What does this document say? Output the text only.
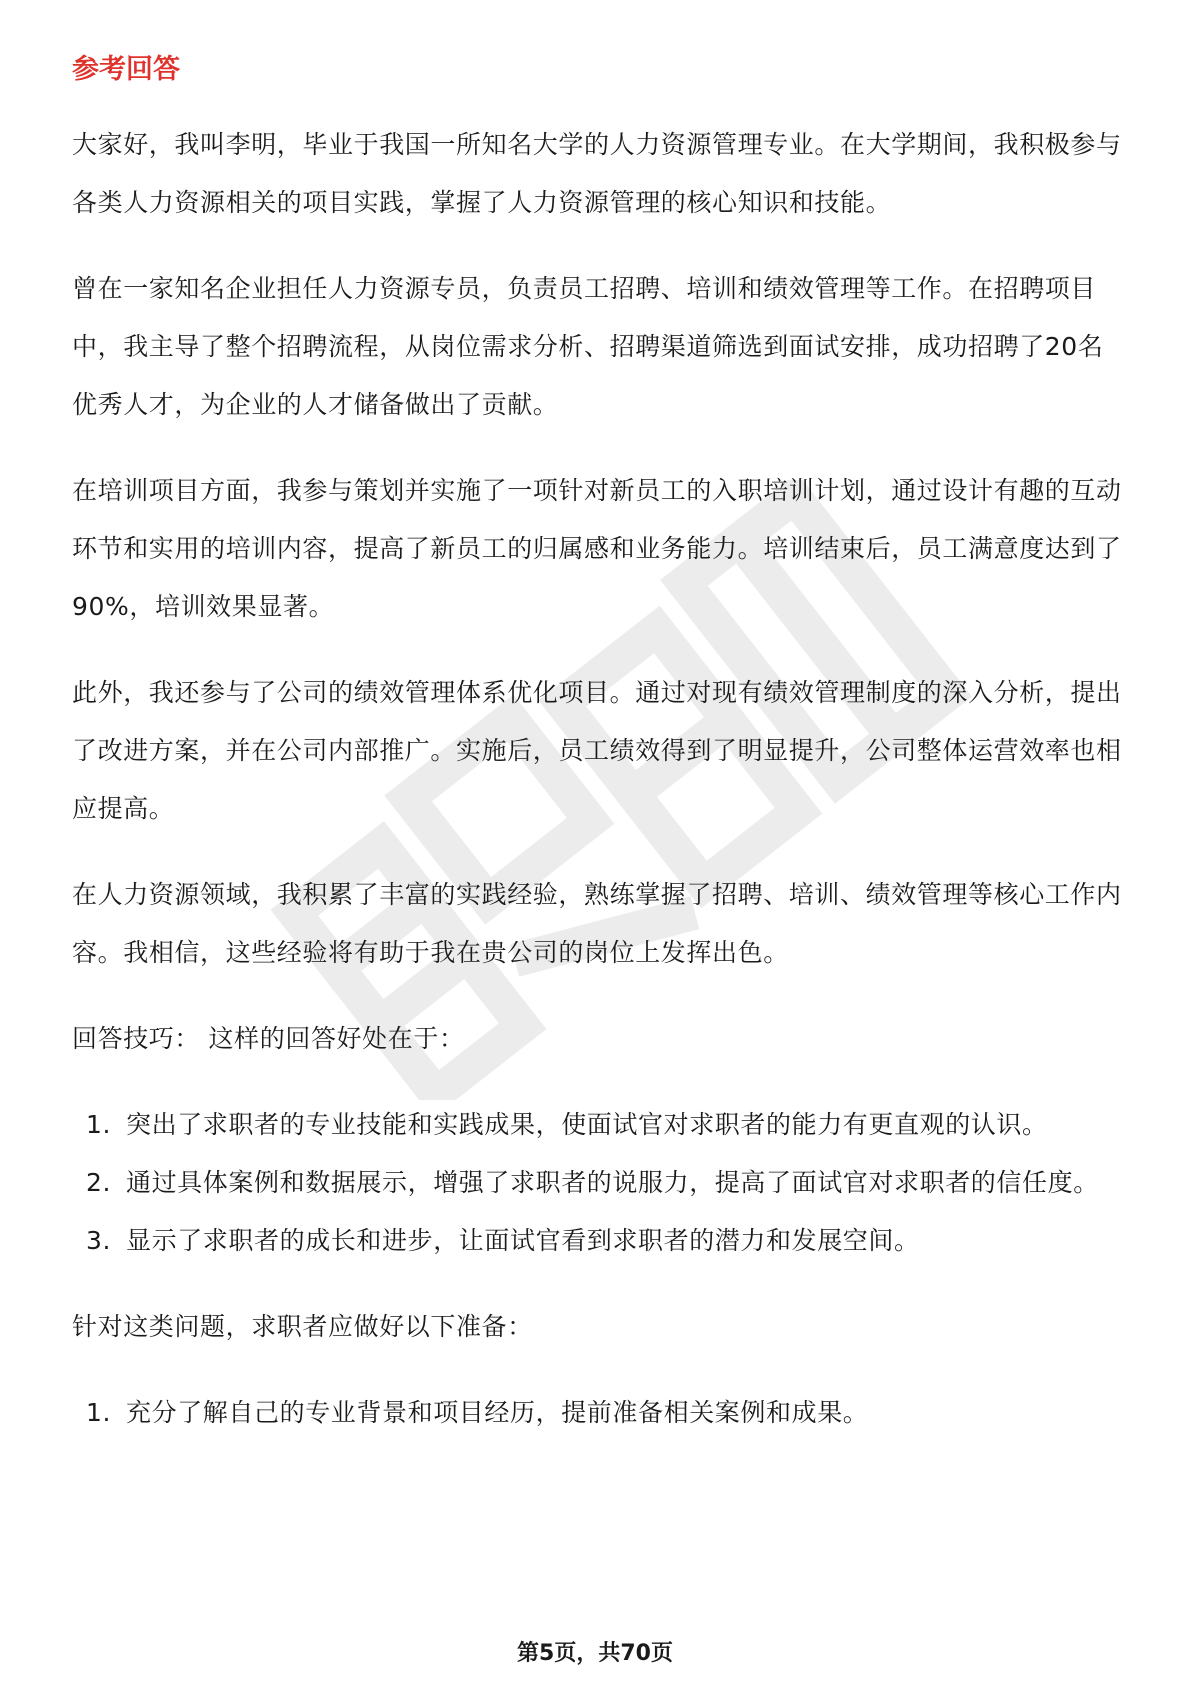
参考回答

大家好，我叫李明，毕业于我国一所知名大学的人力资源管理专业。在大学期间，我积极参与各类人力资源相关的项目实践，掌握了人力资源管理的核心知识和技能。

曾在一家知名企业担任人力资源专员，负责员工招聘、培训和绩效管理等工作。在招聘项目中，我主导了整个招聘流程，从岗位需求分析、招聘渠道筛选到面试安排，成功招聘了20名优秀人才，为企业的人才储备做出了贡献。

在培训项目方面，我参与策划并实施了一项针对新员工的入职培训计划，通过设计有趣的互动环节和实用的培训内容，提高了新员工的归属感和业务能力。培训结束后，员工满意度达到了90%，培训效果显著。

此外，我还参与了公司的绩效管理体系优化项目。通过对现有绩效管理制度的深入分析，提出了改进方案，并在公司内部推广。实施后，员工绩效得到了明显提升，公司整体运营效率也相应提高。

在人力资源领域，我积累了丰富的实践经验，熟练掌握了招聘、培训、绩效管理等核心工作内容。我相信，这些经验将有助于我在贵公司的岗位上发挥出色。

回答技巧： 这样的回答好处在于：

1. 突出了求职者的专业技能和实践成果，使面试官对求职者的能力有更直观的认识。
2. 通过具体案例和数据展示，增强了求职者的说服力，提高了面试官对求职者的信任度。
3. 显示了求职者的成长和进步，让面试官看到求职者的潜力和发展空间。

针对这类问题，求职者应做好以下准备：

1. 充分了解自己的专业背景和项目经历，提前准备相关案例和成果。
第5页，共70页
